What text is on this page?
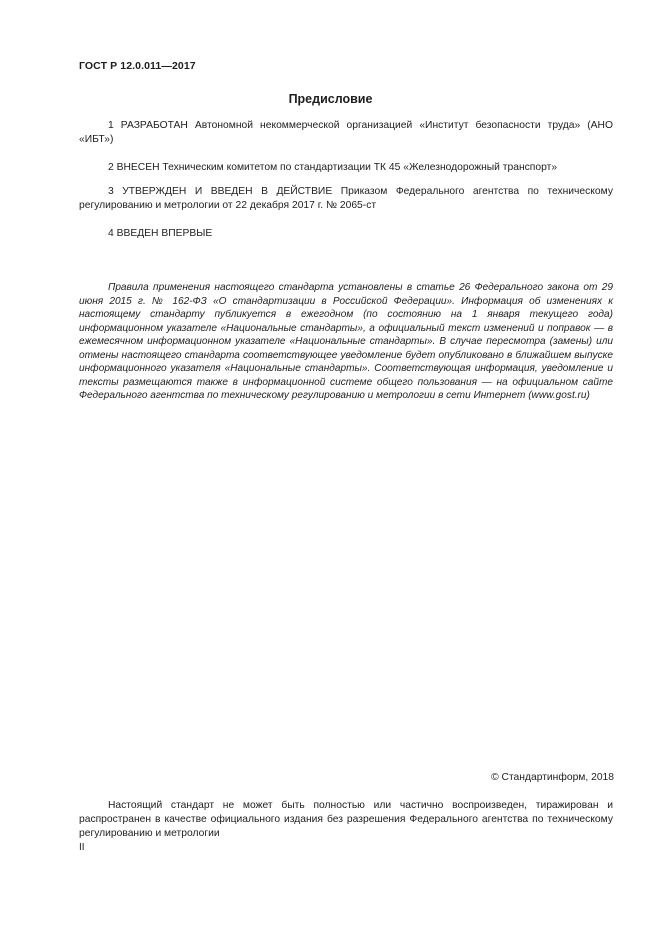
ГОСТ Р 12.0.011—2017
Предисловие
1 РАЗРАБОТАН Автономной некоммерческой организацией «Институт безопасности труда» (АНО «ИБТ»)
2 ВНЕСЕН Техническим комитетом по стандартизации ТК 45 «Железнодорожный транспорт»
3 УТВЕРЖДЕН И ВВЕДЕН В ДЕЙСТВИЕ Приказом Федерального агентства по техническому регулированию и метрологии от 22 декабря 2017 г. № 2065-ст
4 ВВЕДЕН ВПЕРВЫЕ
Правила применения настоящего стандарта установлены в статье 26 Федерального закона от 29 июня 2015 г. № 162-ФЗ «О стандартизации в Российской Федерации». Информация об изменениях к настоящему стандарту публикуется в ежегодном (по состоянию на 1 января текущего года) информационном указателе «Национальные стандарты», а официальный текст изменений и поправок — в ежемесячном информационном указателе «Национальные стандарты». В случае пересмотра (замены) или отмены настоящего стандарта соответствующее уведомление будет опубликовано в ближайшем выпуске информационного указателя «Национальные стандарты». Соответствующая информация, уведомление и тексты размещаются также в информационной системе общего пользования — на официальном сайте Федерального агентства по техническому регулированию и метрологии в сети Интернет (www.gost.ru)
© Стандартинформ, 2018
Настоящий стандарт не может быть полностью или частично воспроизведен, тиражирован и распространен в качестве официального издания без разрешения Федерального агентства по техническому регулированию и метрологии
II
